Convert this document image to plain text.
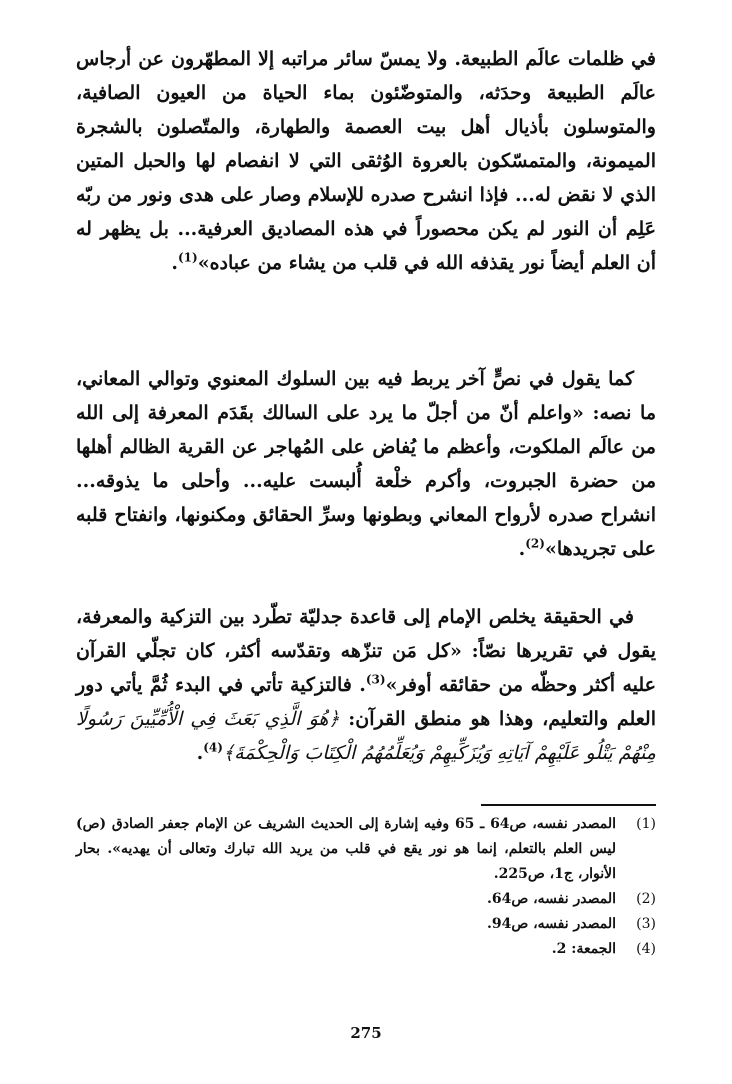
في ظلمات عالَم الطبيعة. ولا يمسّ سائر مراتبه إلا المطهّرون عن أرجاس عالَم الطبيعة وحدَثه، والمتوضّئون بماء الحياة من العيون الصافية، والمتوسلون بأذيال أهل بيت العصمة والطهارة، والمتّصلون بالشجرة الميمونة، والمتمسّكون بالعروة الوُثقى التي لا انفصام لها والحبل المتين الذي لا نقض له... فإذا انشرح صدره للإسلام وصار على هدى ونور من ربّه عَلِم أن النور لم يكن محصوراً في هذه المصاديق العرفية... بل يظهر له أن العلم أيضاً نور يقذفه الله في قلب من يشاء من عباده»$^{(1)}$.

كما يقول في نصٍّ آخر يربط فيه بين السلوك المعنوي وتوالي المعاني، ما نصه: «واعلم أنّ من أجلّ ما يرد على السالك بقَدَم المعرفة إلى الله من عالَم الملكوت، وأعظم ما يُفاض على المُهاجر عن القرية الظالم أهلها من حضرة الجبروت، وأكرم خلْعة أُلبست عليه... وأحلى ما يذوقه... انشراح صدره لأرواح المعاني وبطونها وسرِّ الحقائق ومكنونها، وانفتاح قلبه على تجريدها»$^{(2)}$.

في الحقيقة يخلص الإمام إلى قاعدة جدليّة تطّرد بين التزكية والمعرفة، يقول في تقريرها نصّاً: «كل مَن تنزّهه وتقدّسه أكثر، كان تجلّي القرآن عليه أكثر وحظّه من حقائقه أوفر»$^{(3)}$. فالتزكية تأتي في البدء ثُمَّ يأتي دور العلم والتعليم، وهذا هو منطق القرآن: ﴿هُوَ الَّذِي بَعَثَ فِي الْأُمِّيِّينَ رَسُولًا مِنْهُمْ يَتْلُو عَلَيْهِمْ آيَاتِهِ وَيُزَكِّيهِمْ وَيُعَلِّمُهُمُ الْكِتَابَ وَالْحِكْمَةَ﴾$^{(4)}$.

(1)
المصدر نفسه، ص64 ـ 65 وفيه إشارة إلى الحديث الشريف عن الإمام جعفر الصادق (ص) ليس العلم بالتعلم، إنما هو نور يقع في قلب من يريد الله تبارك وتعالى أن يهديه». بحار الأنوار، ج1، ص225.
(2)
المصدر نفسه، ص64.
(3)
المصدر نفسه، ص94.
(4)
الجمعة: 2.
275
